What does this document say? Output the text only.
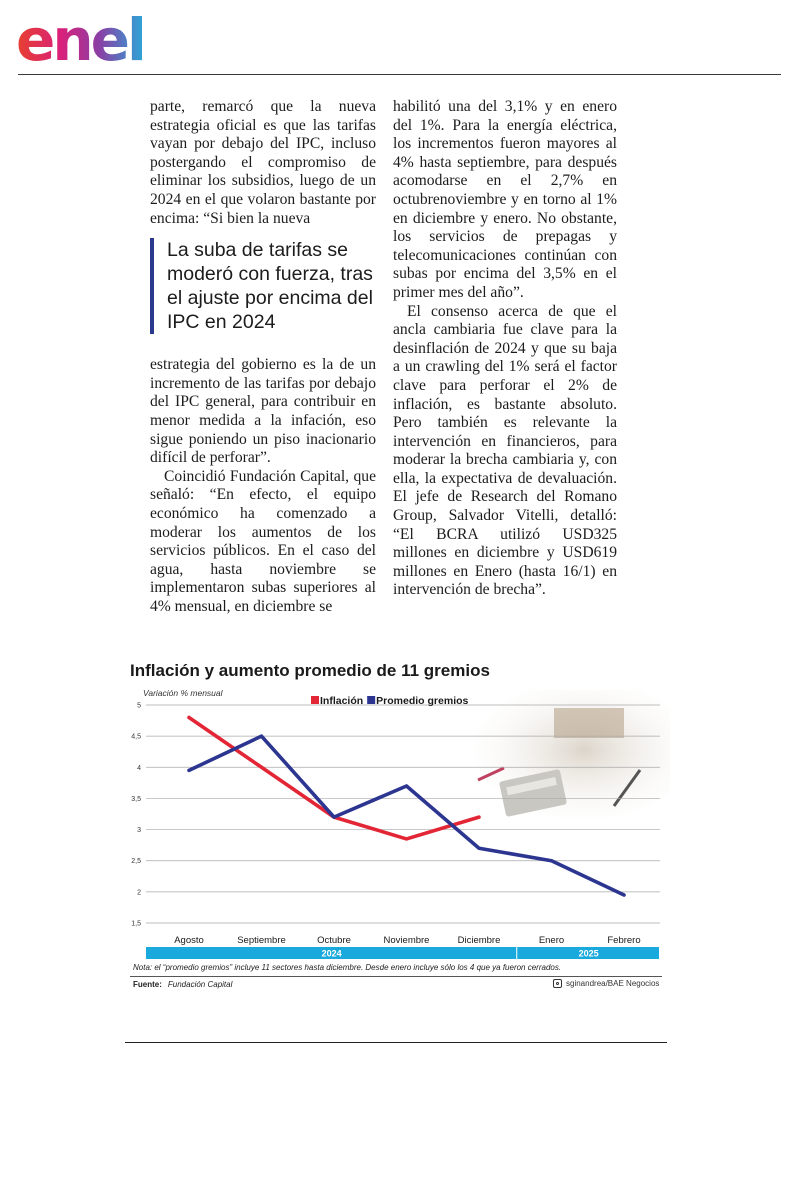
enel

parte, remarcó que la nueva estrategia oficial es que las tarifas vayan por debajo del IPC, incluso postergando el compromiso de eliminar los subsidios, luego de un 2024 en el que volaron bastante por encima: “Si bien la nueva

La suba de tarifas se moderó con fuerza, tras el ajuste por encima del IPC en 2024

estrategia del gobierno es la de un incremento de las tarifas por debajo del IPC general, para contribuir en menor medida a la infación, eso sigue poniendo un piso inacionario difícil de perforar”.

Coincidió Fundación Capital, que señaló: “En efecto, el equipo económico ha comenzado a moderar los aumentos de los servicios públicos. En el caso del agua, hasta noviembre se implementaron subas superiores al 4% mensual, en diciembre se

habilitó una del 3,1% y en enero del 1%. Para la energía eléctrica, los incrementos fueron mayores al 4% hasta septiembre, para después acomodarse en el 2,7% en octubrenoviembre y en torno al 1% en diciembre y enero. No obstante, los servicios de prepagas y telecomunicaciones continúan con subas por encima del 3,5% en el primer mes del año”.

El consenso acerca de que el ancla cambiaria fue clave para la desinflación de 2024 y que su baja a un crawling del 1% será el factor clave para perforar el 2% de inflación, es bastante absoluto. Pero también es relevante la intervención en financieros, para moderar la brecha cambiaria y, con ella, la expectativa de devaluación. El jefe de Research del Romano Group, Salvador Vitelli, detalló: “El BCRA utilizó USD325 millones en diciembre y USD619 millones en Enero (hasta 16/1) en intervención de brecha”.

Inflación y aumento promedio de 11 gremios
Variación % mensual
1,5
2
2,5
3
3,5
4
4,5
5
Agosto	Septiembre	Octubre	Noviembre	Diciembre	Enero	Febrero
2024	2025
Inflación Promedio gremios
Nota: el “promedio gremios” incluye 11 sectores hasta diciembre. Desde enero incluye sólo los 4 que ya fueron cerrados.
Fuente: Fundación Capital	sginandrea/BAE Negocios
